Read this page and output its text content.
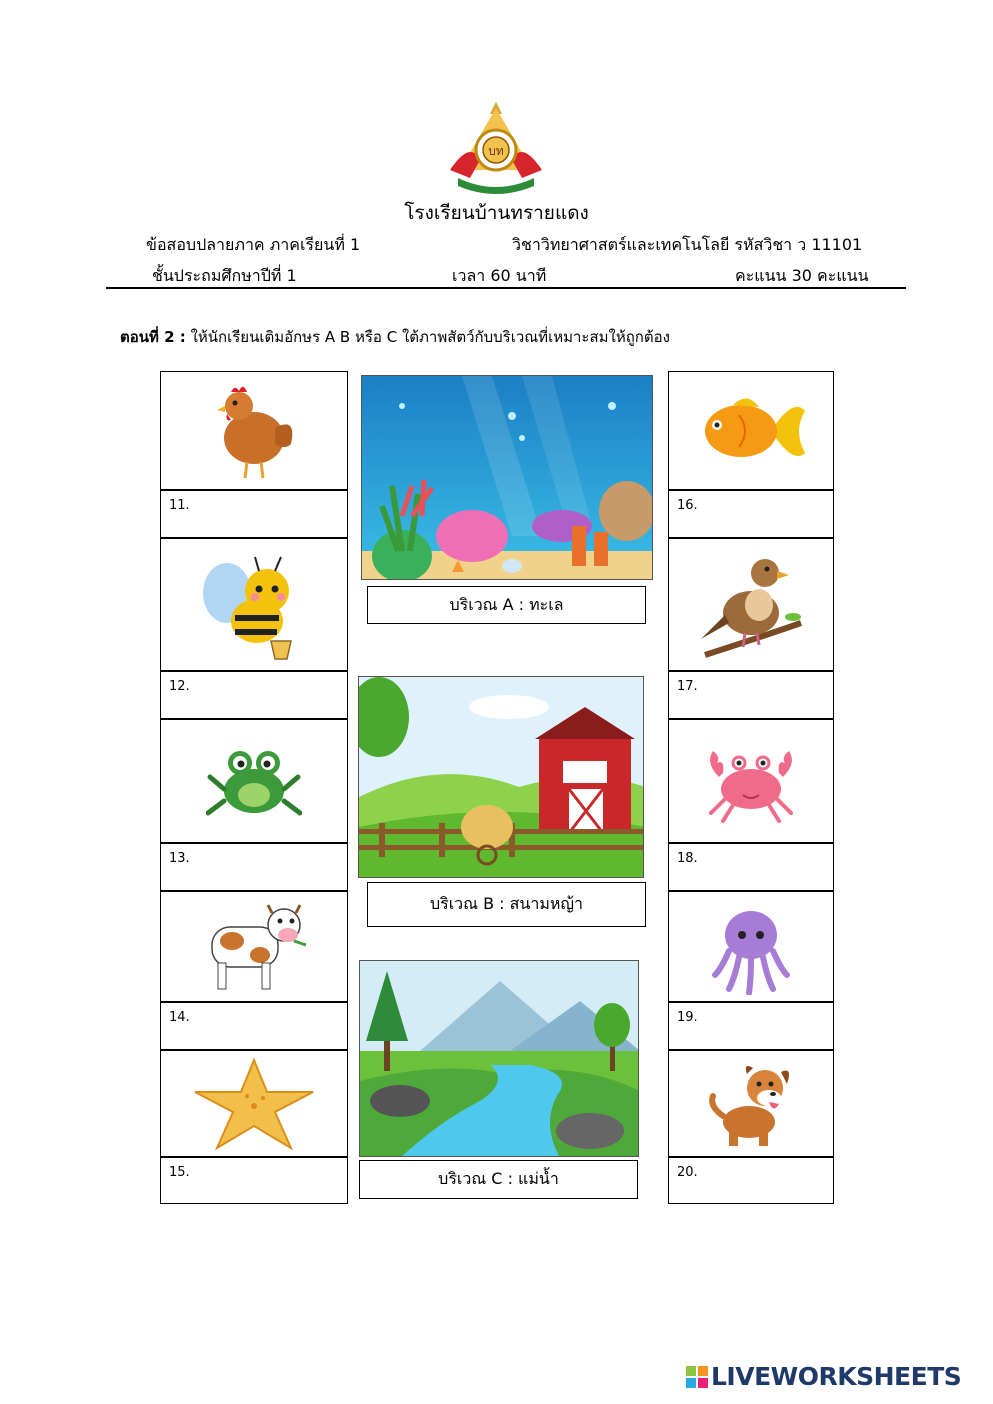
บท
โรงเรียนบ้านทรายแดง
ข้อสอบปลายภาค ภาคเรียนที่ 1	วิชาวิทยาศาสตร์และเทคโนโลยี รหัสวิชา ว 11101
ชั้นประถมศึกษาปีที่ 1	เวลา 60 นาที	คะแนน 30 คะแนน
ตอนที่ 2 : ให้นักเรียนเติมอักษร A B หรือ C ใต้ภาพสัตว์กับบริเวณที่เหมาะสมให้ถูกต้อง
11.
12.
13.
14.
15.
16.
17.
18.
19.
20.
บริเวณ A : ทะเล
บริเวณ B : สนามหญ้า
บริเวณ C : แม่น้ำ
LIVEWORKSHEETS
